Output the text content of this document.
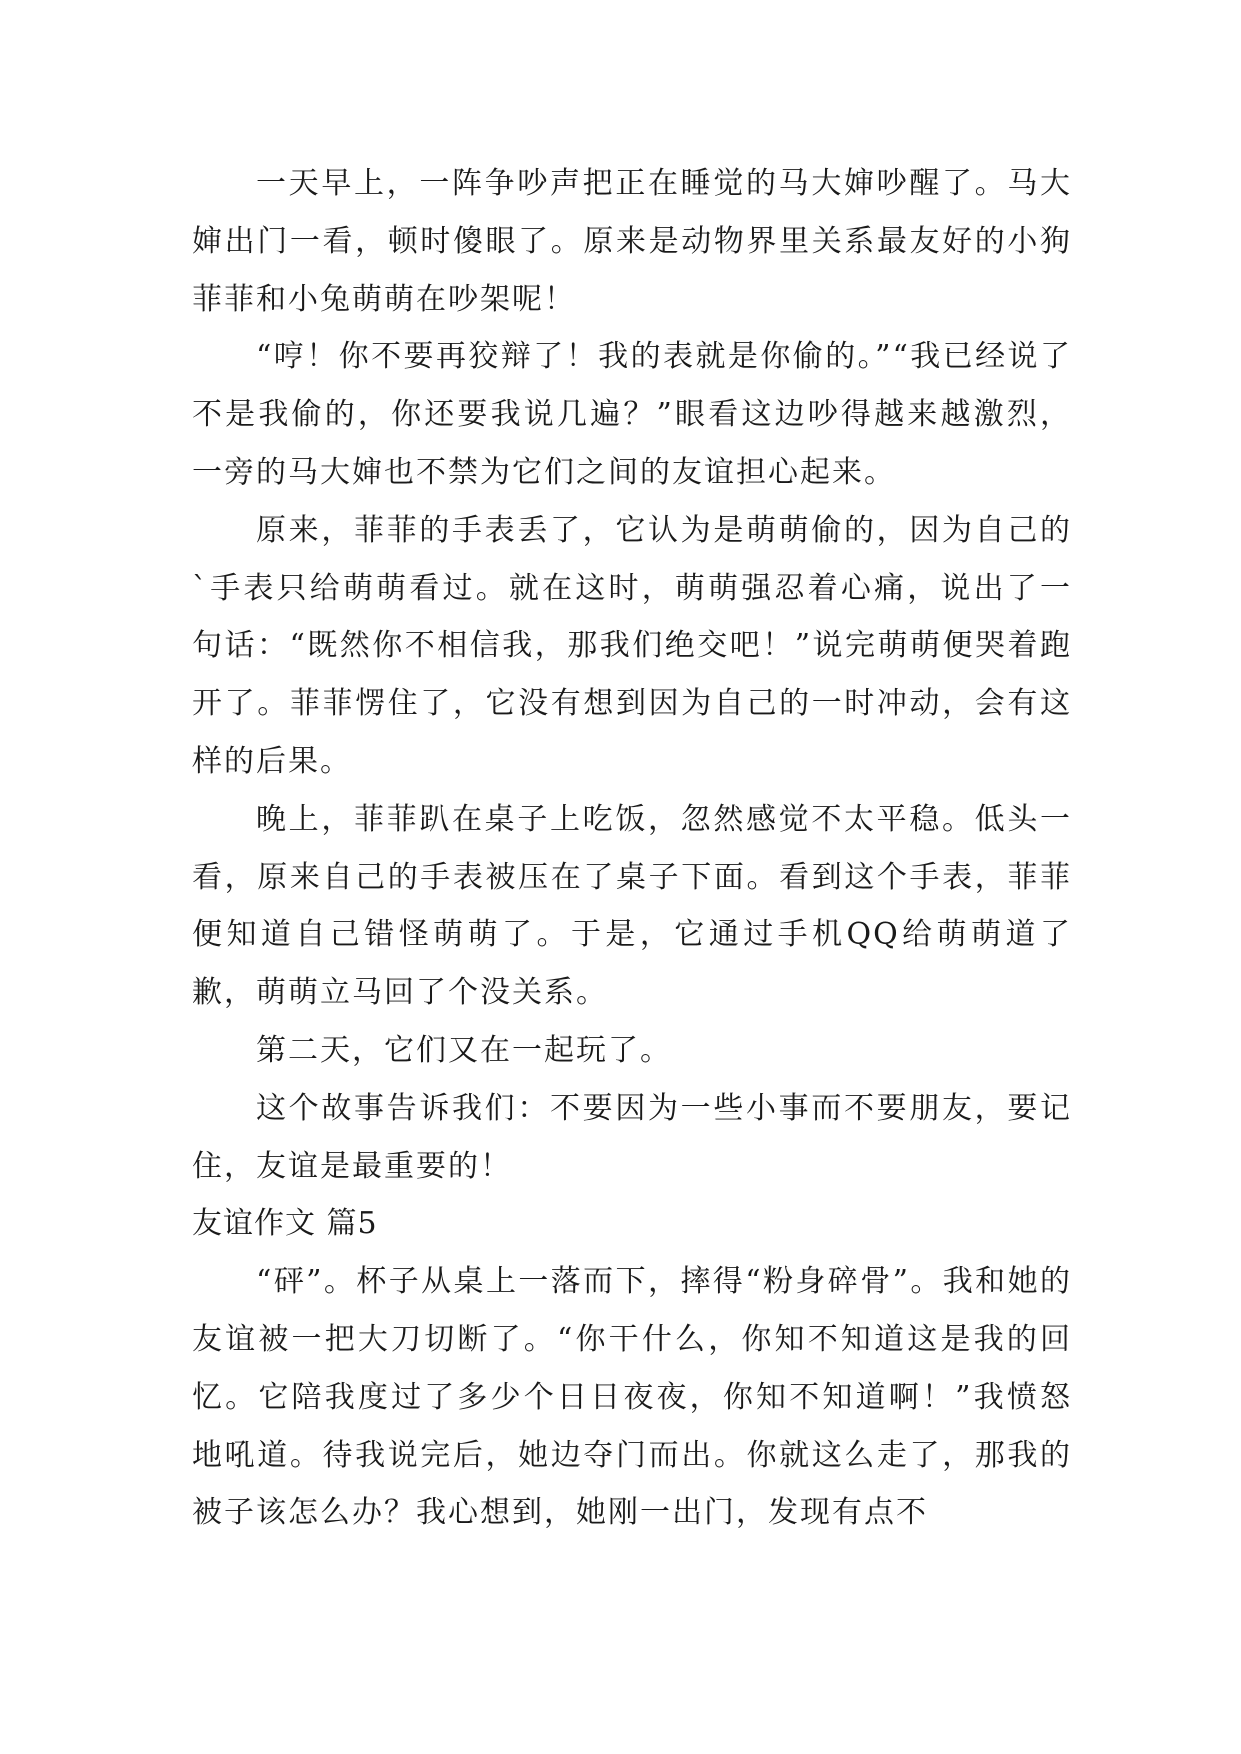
一天早上，一阵争吵声把正在睡觉的马大婶吵醒了。马大婶出门一看，顿时傻眼了。原来是动物界里关系最友好的小狗菲菲和小兔萌萌在吵架呢！

“哼！你不要再狡辩了！我的表就是你偷的。”“我已经说了不是我偷的，你还要我说几遍？”眼看这边吵得越来越激烈，一旁的马大婶也不禁为它们之间的友谊担心起来。

原来，菲菲的手表丢了，它认为是萌萌偷的，因为自己的`手表只给萌萌看过。就在这时，萌萌强忍着心痛，说出了一句话：“既然你不相信我，那我们绝交吧！”说完萌萌便哭着跑开了。菲菲愣住了，它没有想到因为自己的一时冲动，会有这样的后果。

晚上，菲菲趴在桌子上吃饭，忽然感觉不太平稳。低头一看，原来自己的手表被压在了桌子下面。看到这个手表，菲菲便知道自己错怪萌萌了。于是，它通过手机QQ给萌萌道了歉，萌萌立马回了个没关系。

第二天，它们又在一起玩了。

这个故事告诉我们：不要因为一些小事而不要朋友，要记住，友谊是最重要的！

友谊作文 篇5

“砰”。杯子从桌上一落而下，摔得“粉身碎骨”。我和她的友谊被一把大刀切断了。“你干什么，你知不知道这是我的回忆。它陪我度过了多少个日日夜夜，你知不知道啊！”我愤怒地吼道。待我说完后，她边夺门而出。你就这么走了，那我的被子该怎么办？我心想到，她刚一出门，发现有点不
